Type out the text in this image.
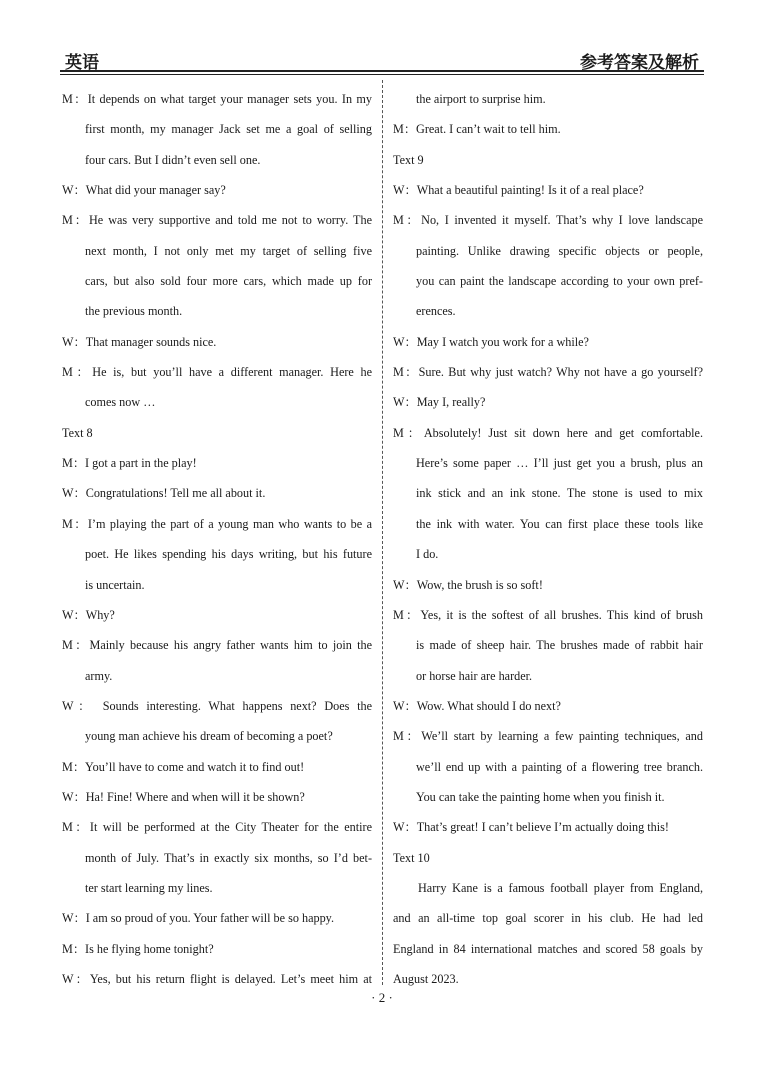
英语	参考答案及解析
M：It depends on what target your manager sets you. In my
first month, my manager Jack set me a goal of selling
four cars. But I didn’t even sell one.
W：What did your manager say?
M：He was very supportive and told me not to worry. The
next month, I not only met my target of selling five
cars, but also sold four more cars, which made up for
the previous month.
W：That manager sounds nice.
M：He is, but you’ll have a different manager. Here he
comes now …
Text 8
M：I got a part in the play!
W：Congratulations! Tell me all about it.
M：I’m playing the part of a young man who wants to be a
poet. He likes spending his days writing, but his future
is uncertain.
W：Why?
M：Mainly because his angry father wants him to join the
army.
W： Sounds interesting. What happens next? Does the
young man achieve his dream of becoming a poet?
M：You’ll have to come and watch it to find out!
W：Ha! Fine! Where and when will it be shown?
M：It will be performed at the City Theater for the entire
month of July. That’s in exactly six months, so I’d bet-
ter start learning my lines.
W：I am so proud of you. Your father will be so happy.
M：Is he flying home tonight?
W：Yes, but his return flight is delayed. Let’s meet him at
the airport to surprise him.
M：Great. I can’t wait to tell him.
Text 9
W：What a beautiful painting! Is it of a real place?
M：No, I invented it myself. That’s why I love landscape
painting. Unlike drawing specific objects or people,
you can paint the landscape according to your own pref-
erences.
W：May I watch you work for a while?
M：Sure. But why just watch? Why not have a go yourself?
W：May I, really?
M：Absolutely! Just sit down here and get comfortable.
Here’s some paper … I’ll just get you a brush, plus an
ink stick and an ink stone. The stone is used to mix
the ink with water. You can first place these tools like
I do.
W：Wow, the brush is so soft!
M：Yes, it is the softest of all brushes. This kind of brush
is made of sheep hair. The brushes made of rabbit hair
or horse hair are harder.
W：Wow. What should I do next?
M：We’ll start by learning a few painting techniques, and
we’ll end up with a painting of a flowering tree branch.
You can take the painting home when you finish it.
W：That’s great! I can’t believe I’m actually doing this!
Text 10
Harry Kane is a famous football player from England,
and an all-time top goal scorer in his club. He had led
England in 84 international matches and scored 58 goals by
August 2023.
· 2 ·
